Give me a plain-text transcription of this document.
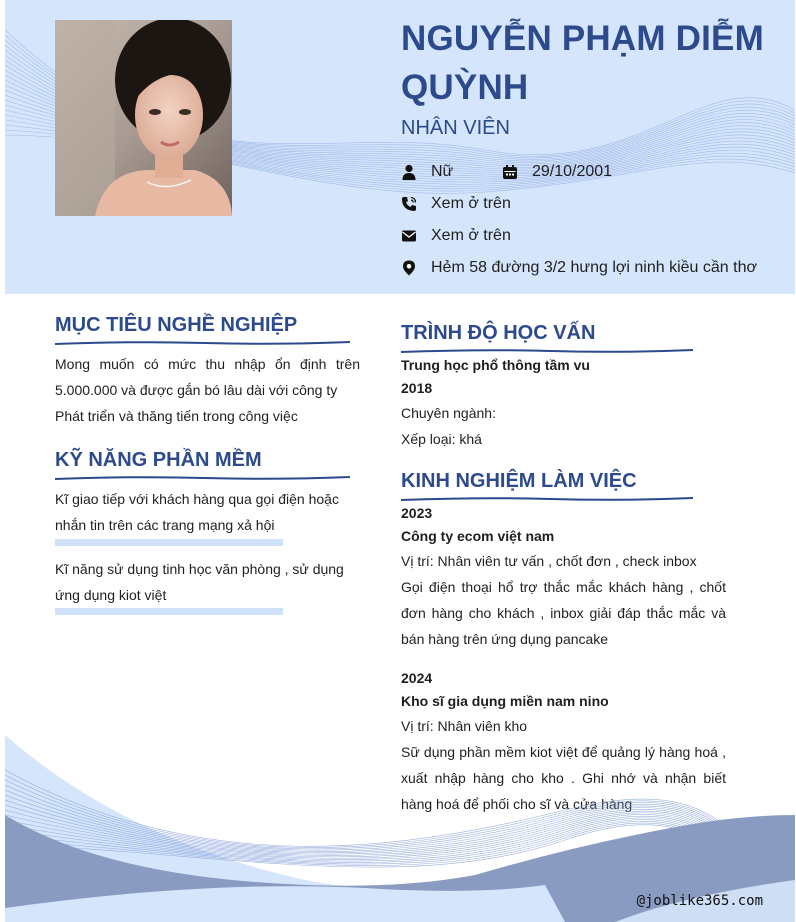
NGUYỄN PHẠM DIỄM QUỲNH
NHÂN VIÊN
Nữ	29/10/2001
Xem ở trên
Xem ở trên
Hẻm 58 đường 3/2 hưng lợi ninh kiều cần thơ
MỤC TIÊU NGHỀ NGHIỆP
Mong muốn có mức thu nhập ổn định trên 5.000.000 và được gắn bó lâu dài với công ty
Phát triển và thăng tiến trong công việc
KỸ NĂNG PHẦN MỀM
Kĩ giao tiếp với khách hàng qua gọi điện hoặc nhắn tin trên các trang mạng xả hội
Kĩ năng sử dụng tinh học văn phòng , sử dụng ứng dụng kiot việt
TRÌNH ĐỘ HỌC VẤN
Trung học phổ thông tầm vu
2018
Chuyên ngành:
Xếp loại: khá
KINH NGHIỆM LÀM VIỆC
2023
Công ty ecom việt nam
Vị trí: Nhân viên tư vấn , chốt đơn , check inbox
Gọi điện thoại hổ trợ thắc mắc khách hàng , chốt đơn hàng cho khách , inbox giải đáp thắc mắc và bán hàng trên ứng dụng pancake
2024
Kho sĩ gia dụng miền nam nino
Vị trí: Nhân viên kho
Sữ dụng phần mềm kiot việt để quảng lý hàng hoá , xuất nhập hàng cho kho . Ghi nhớ và nhận biết hàng hoá để phối cho sĩ và cửa hàng
@joblike365.com
